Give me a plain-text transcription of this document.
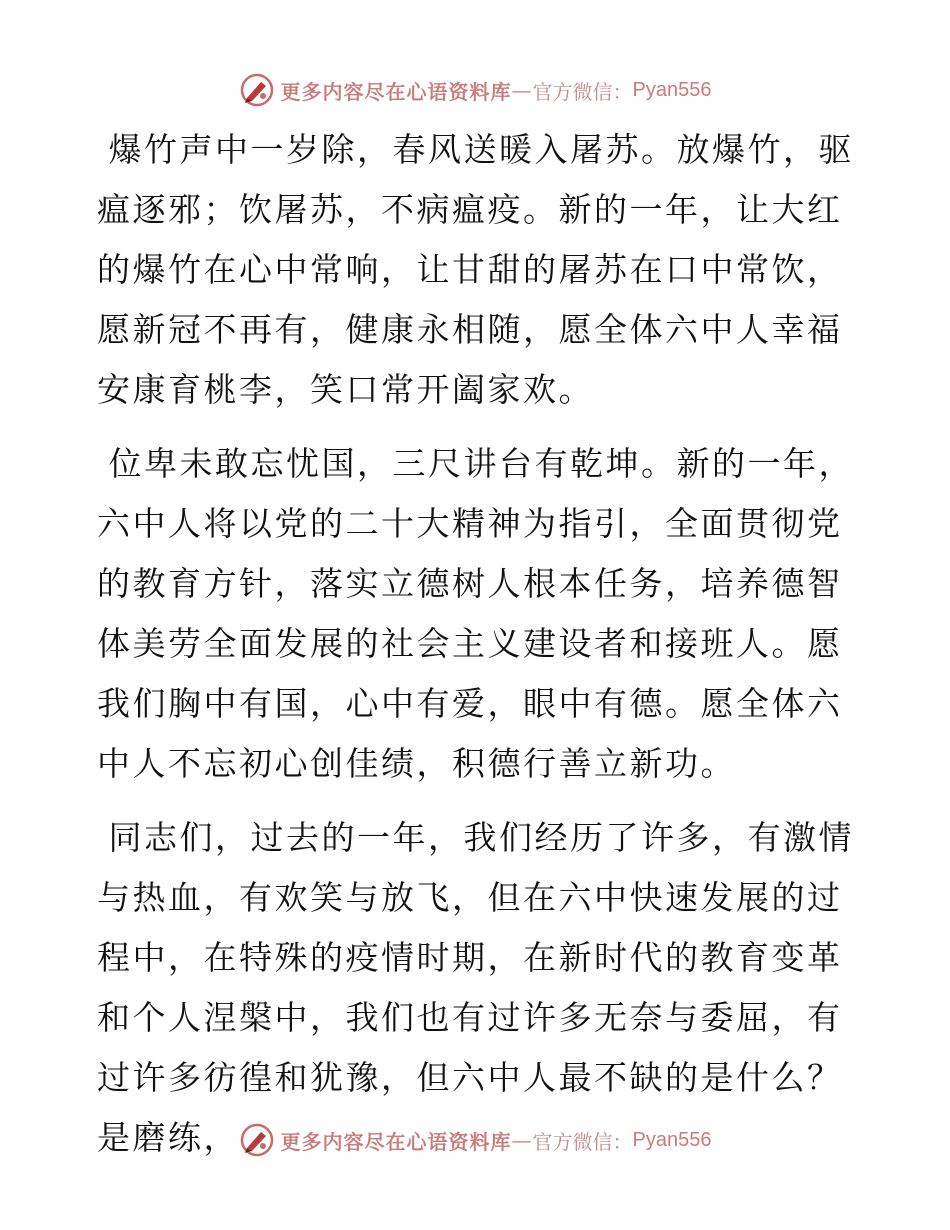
更多内容尽在心语资料库 — 官方微信： Pyan556

爆竹声中一岁除，春风送暖入屠苏。放爆竹，驱瘟逐邪；饮屠苏，不病瘟疫。新的一年，让大红的爆竹在心中常响，让甘甜的屠苏在口中常饮，愿新冠不再有，健康永相随，愿全体六中人幸福安康育桃李，笑口常开阖家欢。

位卑未敢忘忧国，三尺讲台有乾坤。新的一年，六中人将以党的二十大精神为指引，全面贯彻党的教育方针，落实立德树人根本任务，培养德智体美劳全面发展的社会主义建设者和接班人。愿我们胸中有国，心中有爱，眼中有德。愿全体六中人不忘初心创佳绩，积德行善立新功。

同志们，过去的一年，我们经历了许多，有激情与热血，有欢笑与放飞，但在六中快速发展的过程中，在特殊的疫情时期，在新时代的教育变革和个人涅槃中，我们也有过许多无奈与委屈，有过许多彷徨和犹豫，但六中人最不缺的是什么？是磨练，	更多内容尽在心语资料库 — 官方微信： Pyan556
